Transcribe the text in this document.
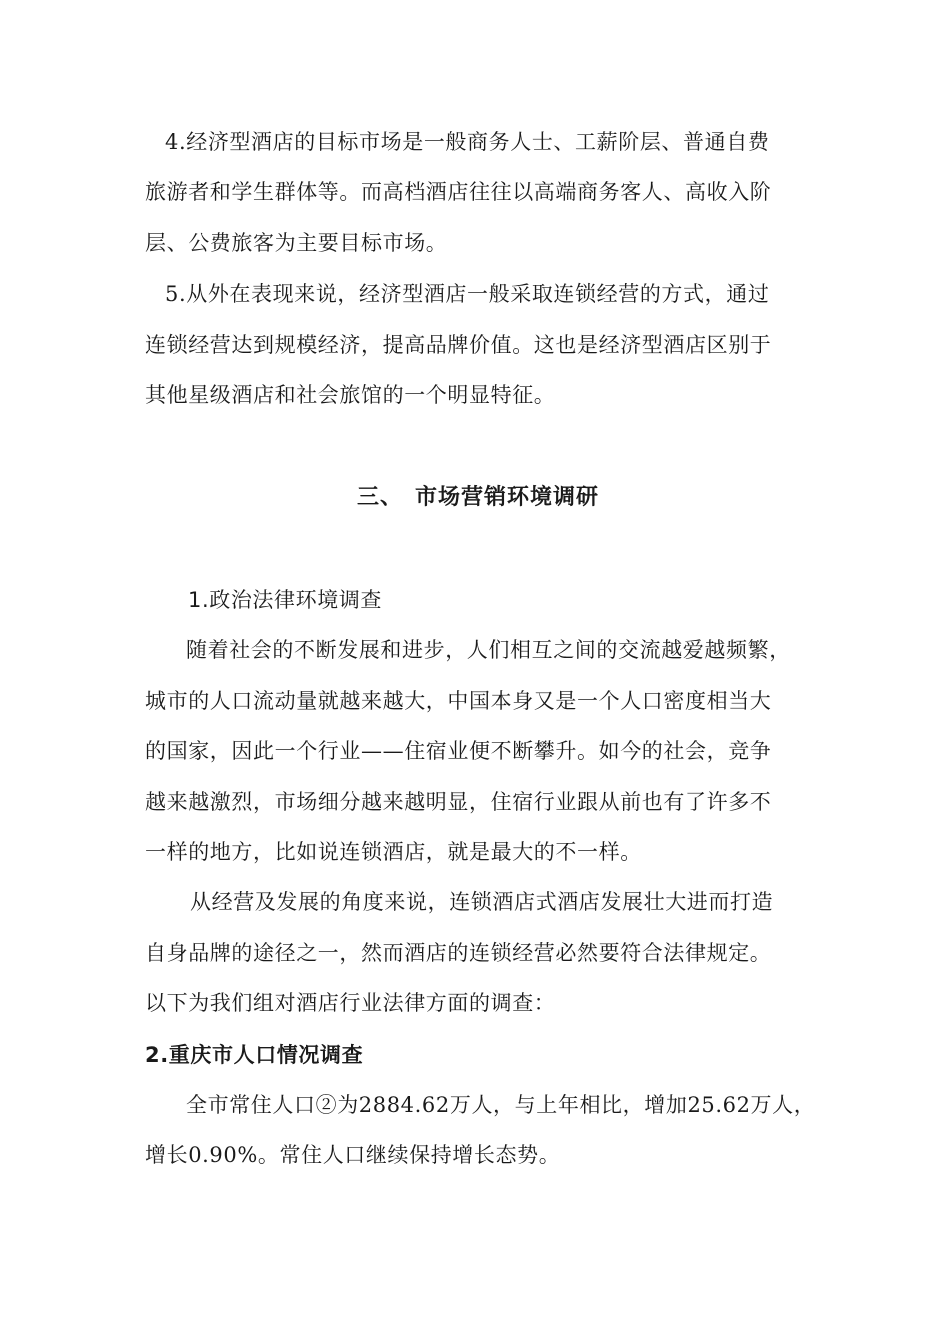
4.经济型酒店的目标市场是一般商务人士、工薪阶层、普通自费
旅游者和学生群体等。而高档酒店往往以高端商务客人、高收入阶
层、公费旅客为主要目标市场。
5.从外在表现来说，经济型酒店一般采取连锁经营的方式，通过
连锁经营达到规模经济，提高品牌价值。这也是经济型酒店区别于
其他星级酒店和社会旅馆的一个明显特征。
三、 市场营销环境调研
1.政治法律环境调查
随着社会的不断发展和进步，人们相互之间的交流越爱越频繁，
城市的人口流动量就越来越大，中国本身又是一个人口密度相当大
的国家，因此一个行业——住宿业便不断攀升。如今的社会，竞争
越来越激烈，市场细分越来越明显，住宿行业跟从前也有了许多不
一样的地方，比如说连锁酒店，就是最大的不一样。
从经营及发展的角度来说，连锁酒店式酒店发展壮大进而打造
自身品牌的途径之一，然而酒店的连锁经营必然要符合法律规定。
以下为我们组对酒店行业法律方面的调查：
2.重庆市人口情况调查
全市常住人口②为2884.62万人，与上年相比，增加25.62万人，
增长0.90%。常住人口继续保持增长态势。
